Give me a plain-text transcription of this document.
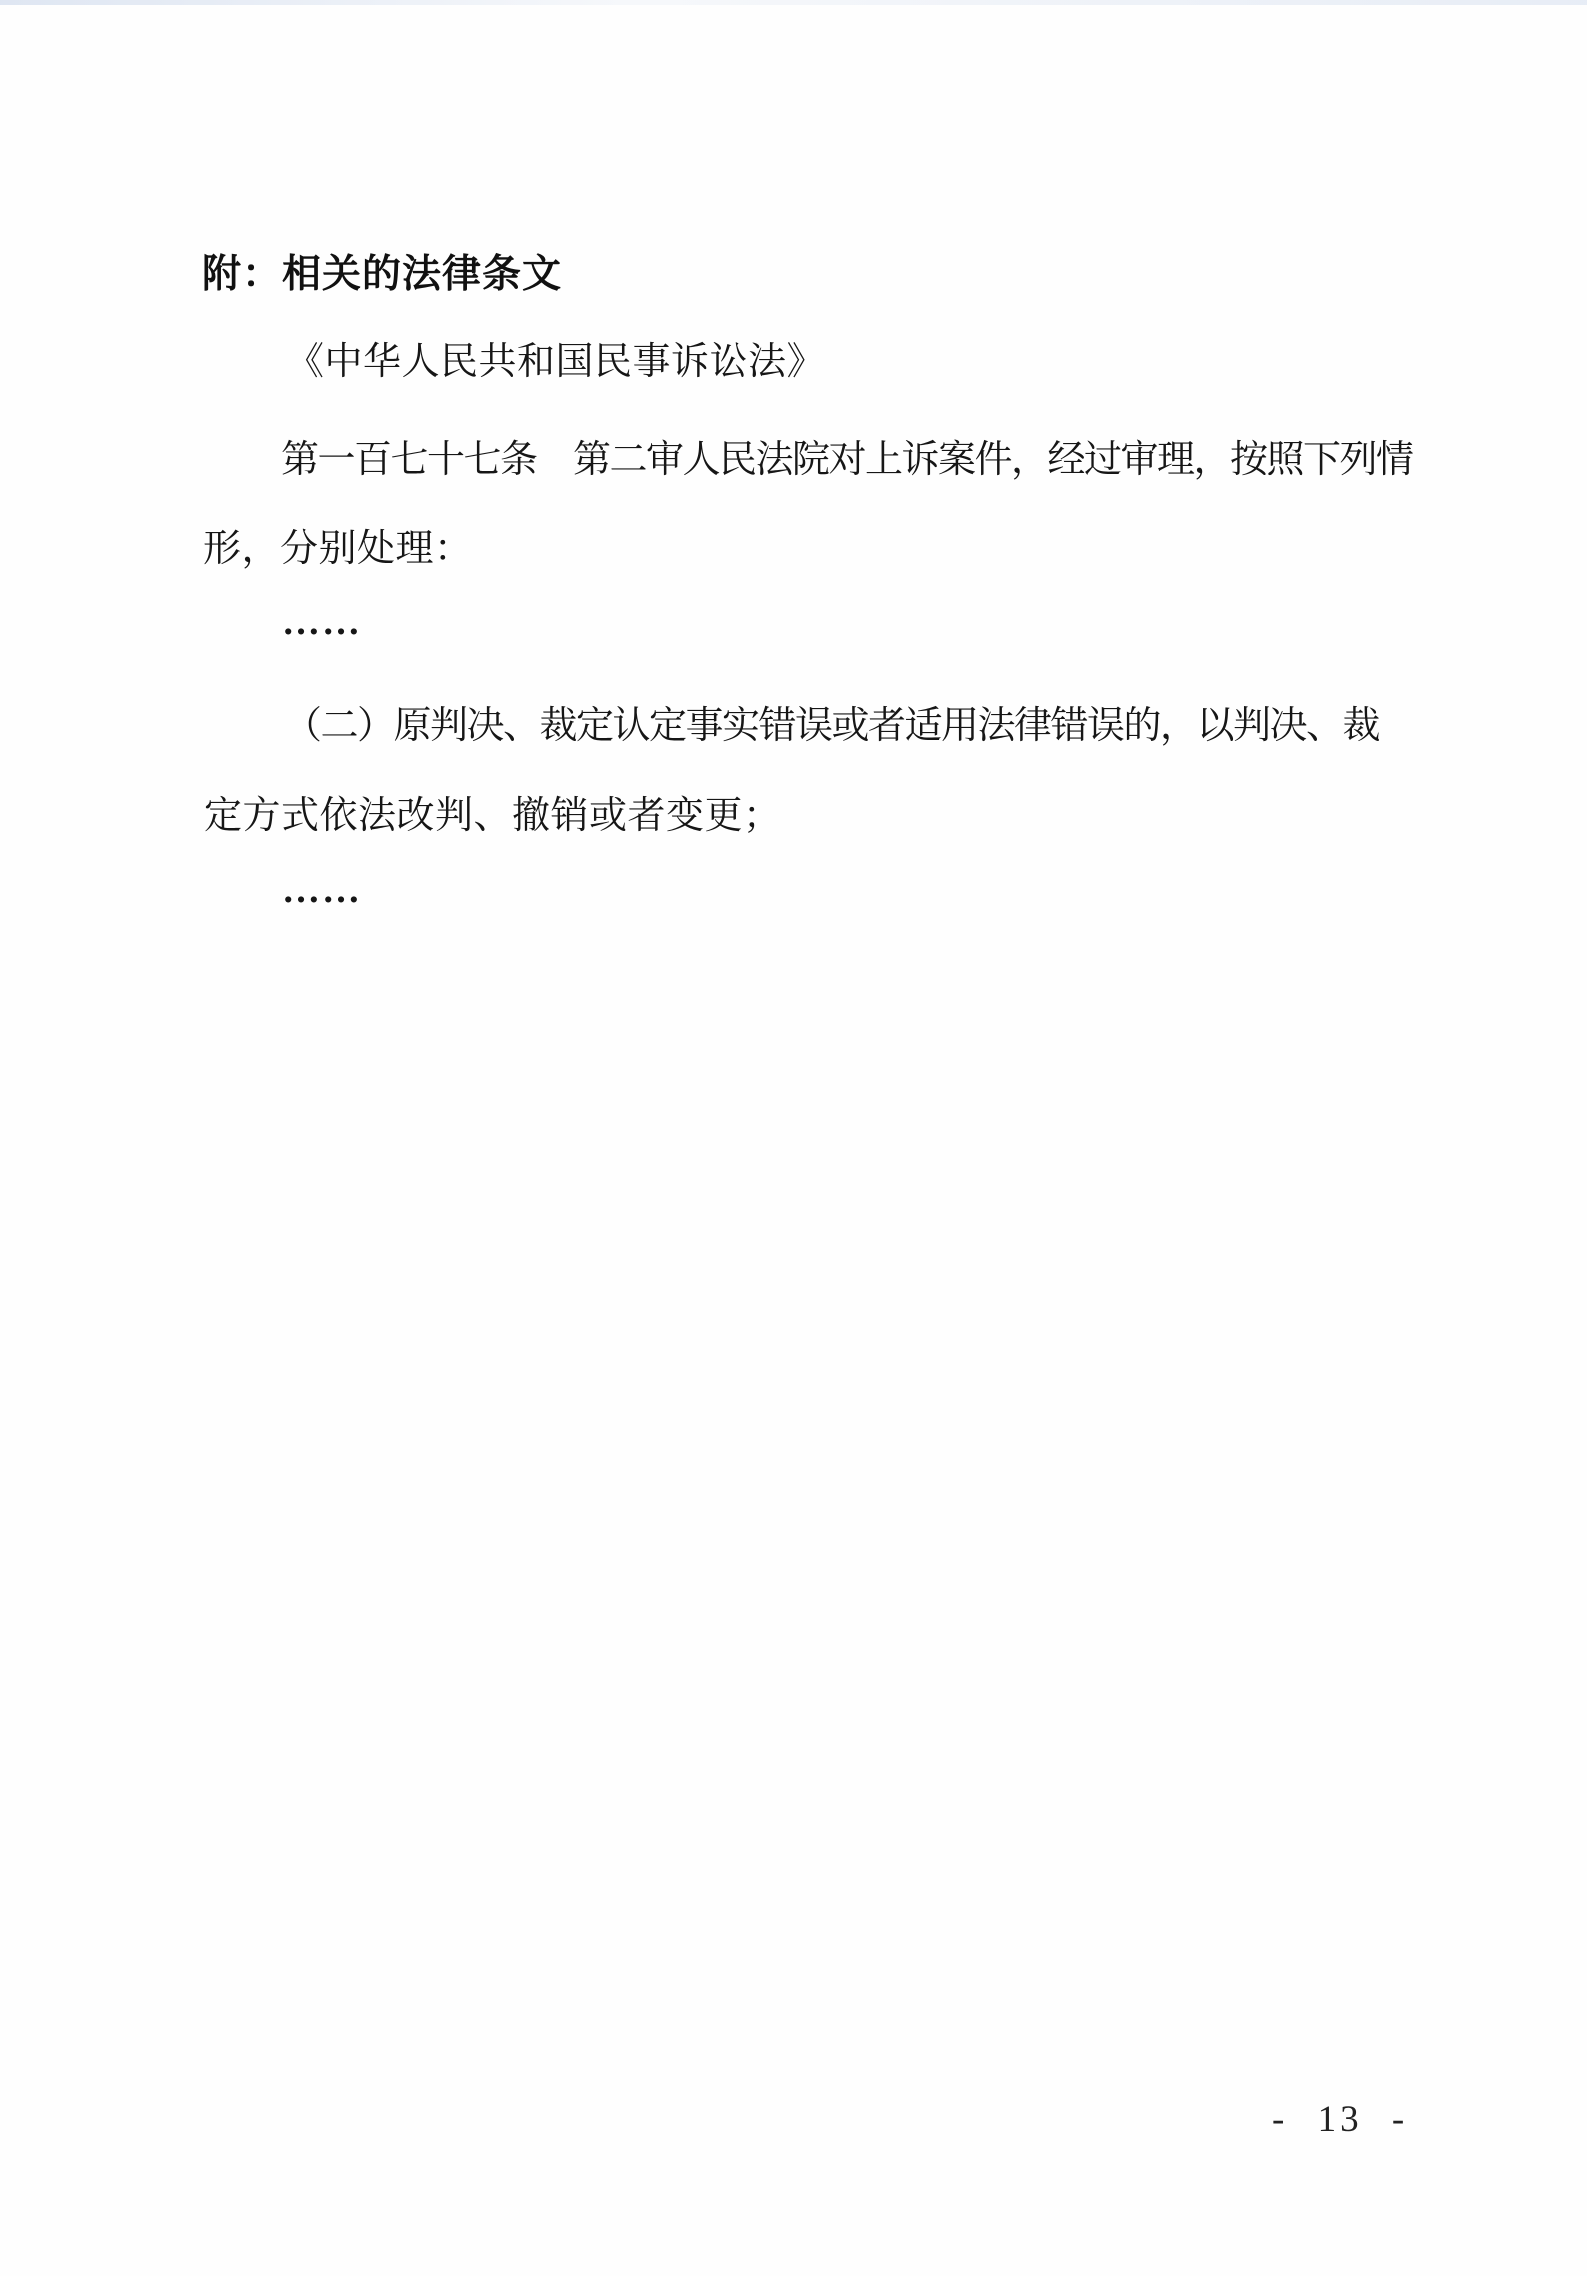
附：相关的法律条文
《中华人民共和国民事诉讼法》
第一百七十七条　第二审人民法院对上诉案件，经过审理，按照下列情
形，分别处理：
……
（二）原判决、裁定认定事实错误或者适用法律错误的，以判决、裁
定方式依法改判、撤销或者变更；
……
- 13 -
